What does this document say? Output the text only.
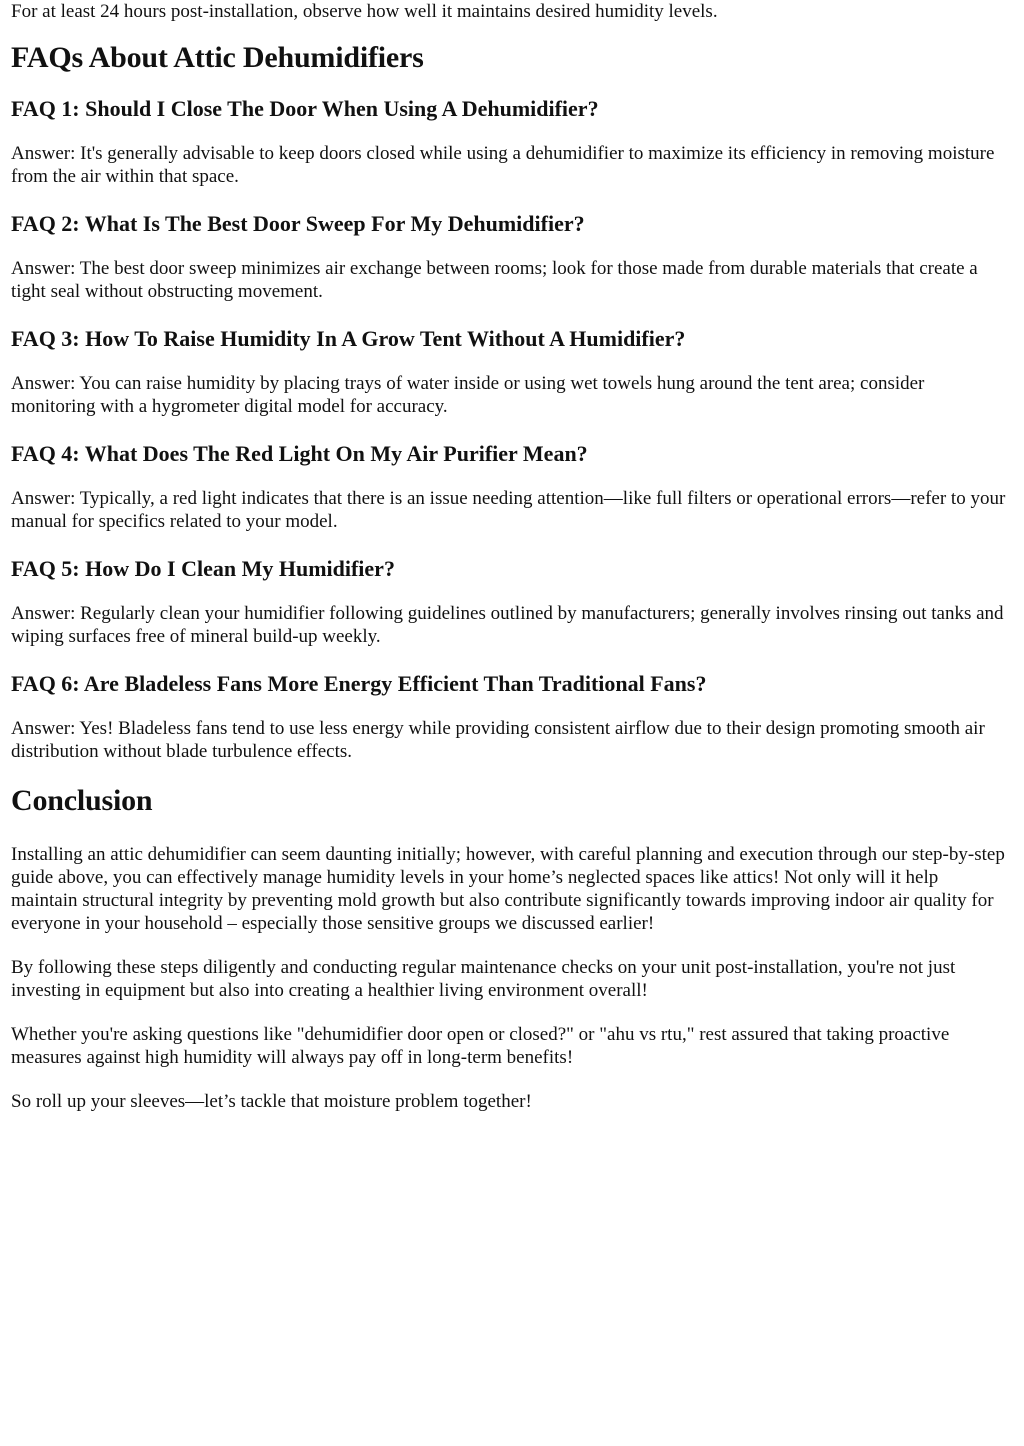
For at least 24 hours post-installation, observe how well it maintains desired humidity levels.

FAQs About Attic Dehumidifiers
FAQ 1: Should I Close The Door When Using A Dehumidifier?

Answer: It's generally advisable to keep doors closed while using a dehumidifier to maximize its efficiency in removing moisture from the air within that space.

FAQ 2: What Is The Best Door Sweep For My Dehumidifier?

Answer: The best door sweep minimizes air exchange between rooms; look for those made from durable materials that create a tight seal without obstructing movement.

FAQ 3: How To Raise Humidity In A Grow Tent Without A Humidifier?

Answer: You can raise humidity by placing trays of water inside or using wet towels hung around the tent area; consider monitoring with a hygrometer digital model for accuracy.

FAQ 4: What Does The Red Light On My Air Purifier Mean?

Answer: Typically, a red light indicates that there is an issue needing attention—like full filters or operational errors—refer to your manual for specifics related to your model.

FAQ 5: How Do I Clean My Humidifier?

Answer: Regularly clean your humidifier following guidelines outlined by manufacturers; generally involves rinsing out tanks and wiping surfaces free of mineral build-up weekly.

FAQ 6: Are Bladeless Fans More Energy Efficient Than Traditional Fans?

Answer: Yes! Bladeless fans tend to use less energy while providing consistent airflow due to their design promoting smooth air distribution without blade turbulence effects.

Conclusion

Installing an attic dehumidifier can seem daunting initially; however, with careful planning and execution through our step-by-step guide above, you can effectively manage humidity levels in your home’s neglected spaces like attics! Not only will it help maintain structural integrity by preventing mold growth but also contribute significantly towards improving indoor air quality for everyone in your household – especially those sensitive groups we discussed earlier!

By following these steps diligently and conducting regular maintenance checks on your unit post-installation, you're not just investing in equipment but also into creating a healthier living environment overall!

Whether you're asking questions like "dehumidifier door open or closed?" or "ahu vs rtu," rest assured that taking proactive measures against high humidity will always pay off in long-term benefits!

So roll up your sleeves—let’s tackle that moisture problem together!
